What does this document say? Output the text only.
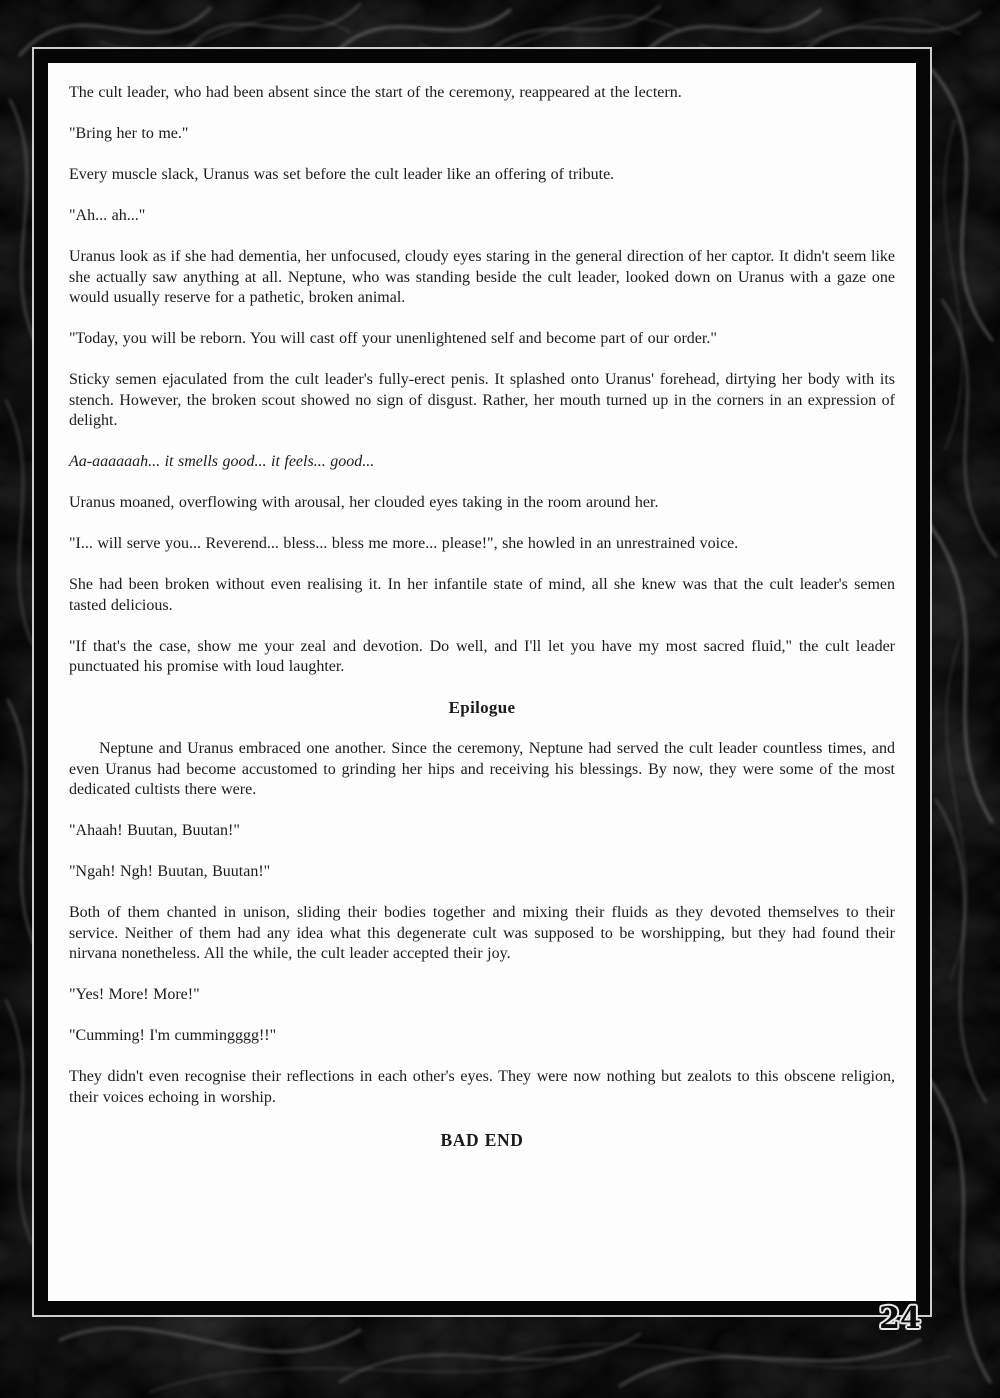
The cult leader, who had been absent since the start of the ceremony, reappeared at the lectern.

"Bring her to me."

Every muscle slack, Uranus was set before the cult leader like an offering of tribute.

"Ah... ah..."

Uranus look as if she had dementia, her unfocused, cloudy eyes staring in the general direction of her captor. It didn't seem like she actually saw anything at all. Neptune, who was standing beside the cult leader, looked down on Uranus with a gaze one would usually reserve for a pathetic, broken animal.

"Today, you will be reborn. You will cast off your unenlightened self and become part of our order."

Sticky semen ejaculated from the cult leader's fully-erect penis. It splashed onto Uranus' forehead, dirtying her body with its stench. However, the broken scout showed no sign of disgust. Rather, her mouth turned up in the corners in an expression of delight.

Aa-aaaaaah... it smells good... it feels... good...

Uranus moaned, overflowing with arousal, her clouded eyes taking in the room around her.

"I... will serve you... Reverend... bless... bless me more... please!", she howled in an unrestrained voice.

She had been broken without even realising it. In her infantile state of mind, all she knew was that the cult leader's semen tasted delicious.

"If that's the case, show me your zeal and devotion. Do well, and I'll let you have my most sacred fluid," the cult leader punctuated his promise with loud laughter.

Epilogue

Neptune and Uranus embraced one another. Since the ceremony, Neptune had served the cult leader countless times, and even Uranus had become accustomed to grinding her hips and receiving his blessings. By now, they were some of the most dedicated cultists there were.

"Ahaah! Buutan, Buutan!"

"Ngah! Ngh! Buutan, Buutan!"

Both of them chanted in unison, sliding their bodies together and mixing their fluids as they devoted themselves to their service. Neither of them had any idea what this degenerate cult was supposed to be worshipping, but they had found their nirvana nonetheless. All the while, the cult leader accepted their joy.

"Yes! More! More!"

"Cumming! I'm cummingggg!!"

They didn't even recognise their reflections in each other's eyes. They were now nothing but zealots to this obscene religion, their voices echoing in worship.

BAD END

24
